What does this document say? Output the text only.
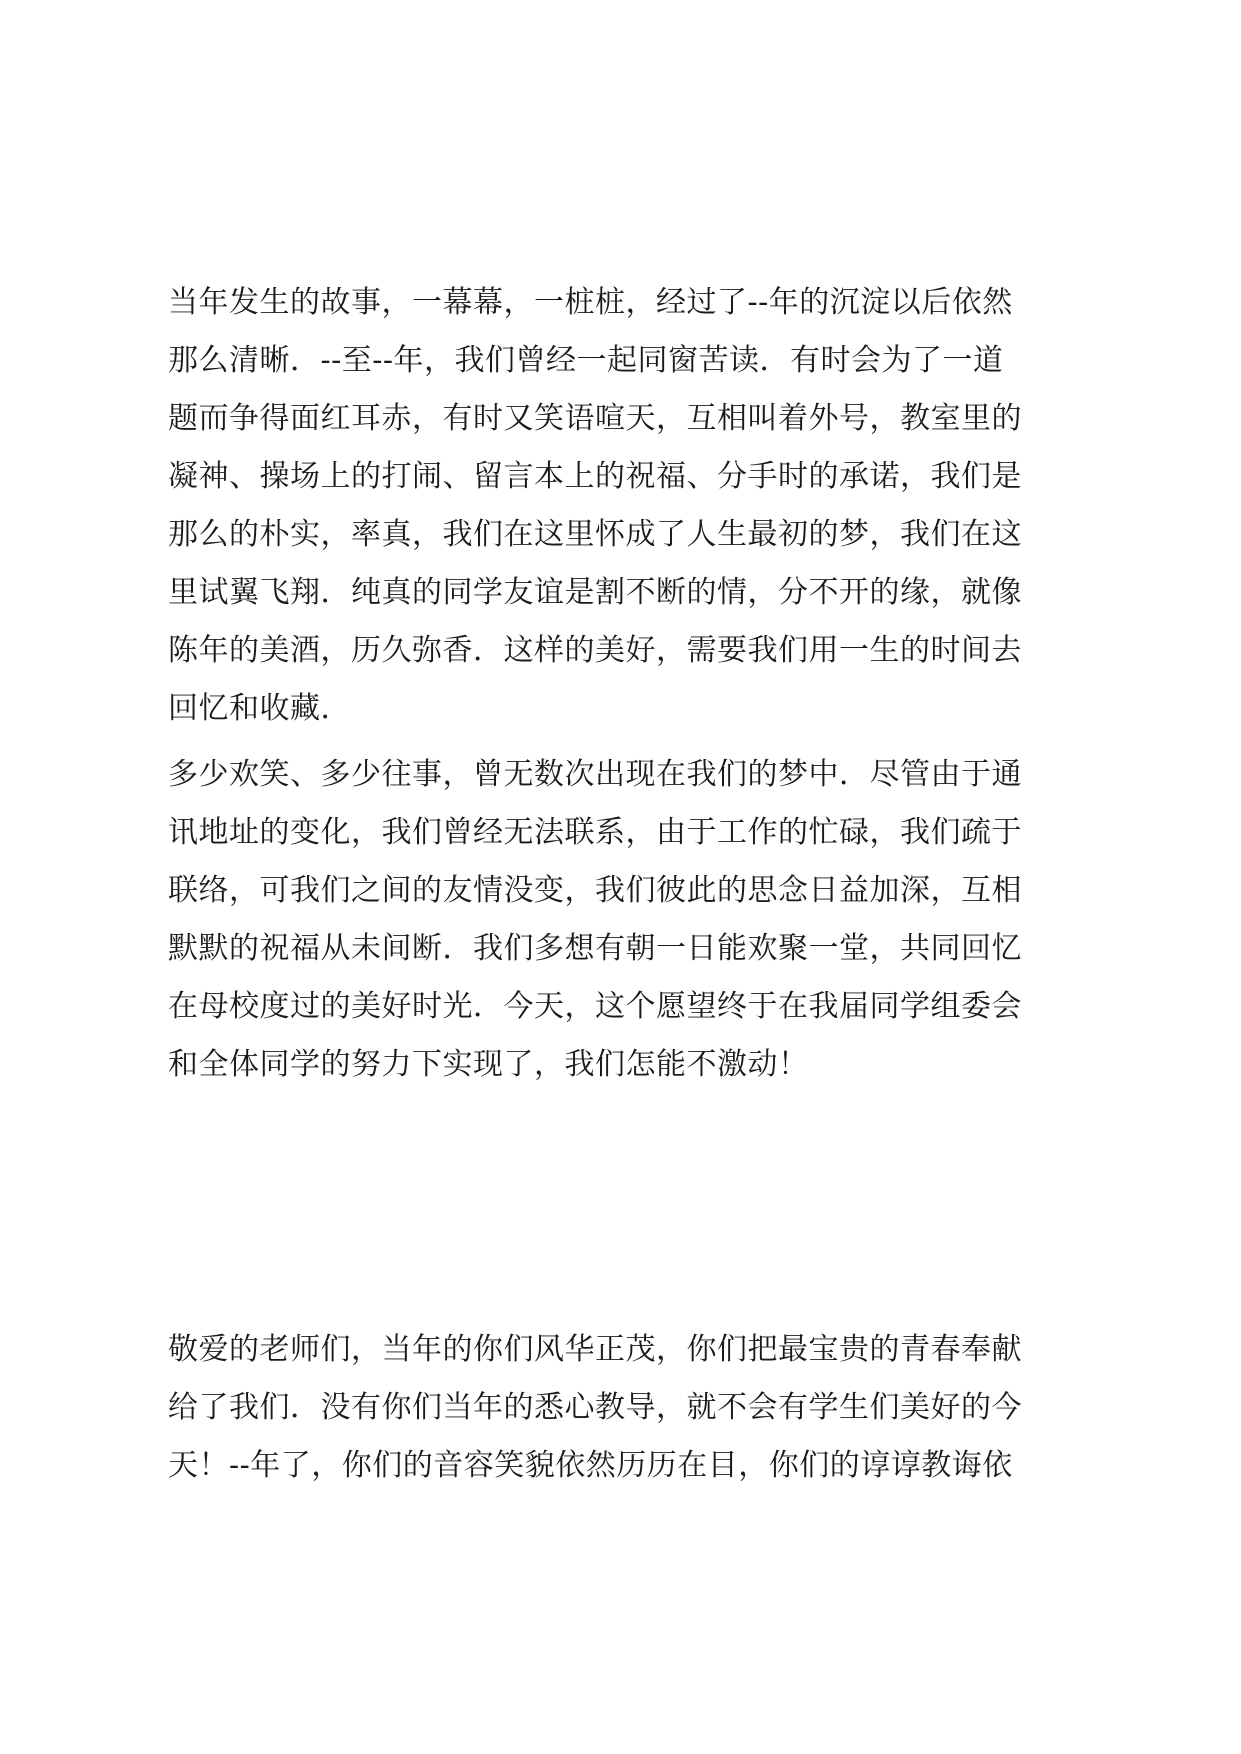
当年发生的故事，一幕幕，一桩桩，经过了--年的沉淀以后依然
那么清晰．--至--年，我们曾经一起同窗苦读．有时会为了一道
题而争得面红耳赤，有时又笑语喧天，互相叫着外号，教室里的
凝神、操场上的打闹、留言本上的祝福、分手时的承诺，我们是
那么的朴实，率真，我们在这里怀成了人生最初的梦，我们在这
里试翼飞翔．纯真的同学友谊是割不断的情，分不开的缘，就像
陈年的美酒，历久弥香．这样的美好，需要我们用一生的时间去
回忆和收藏．
多少欢笑、多少往事，曾无数次出现在我们的梦中．尽管由于通
讯地址的变化，我们曾经无法联系，由于工作的忙碌，我们疏于
联络，可我们之间的友情没变，我们彼此的思念日益加深，互相
默默的祝福从未间断．我们多想有朝一日能欢聚一堂，共同回忆
在母校度过的美好时光．今天，这个愿望终于在我届同学组委会
和全体同学的努力下实现了，我们怎能不激动！
敬爱的老师们，当年的你们风华正茂，你们把最宝贵的青春奉献
给了我们．没有你们当年的悉心教导，就不会有学生们美好的今
天！--年了，你们的音容笑貌依然历历在目，你们的谆谆教诲依
